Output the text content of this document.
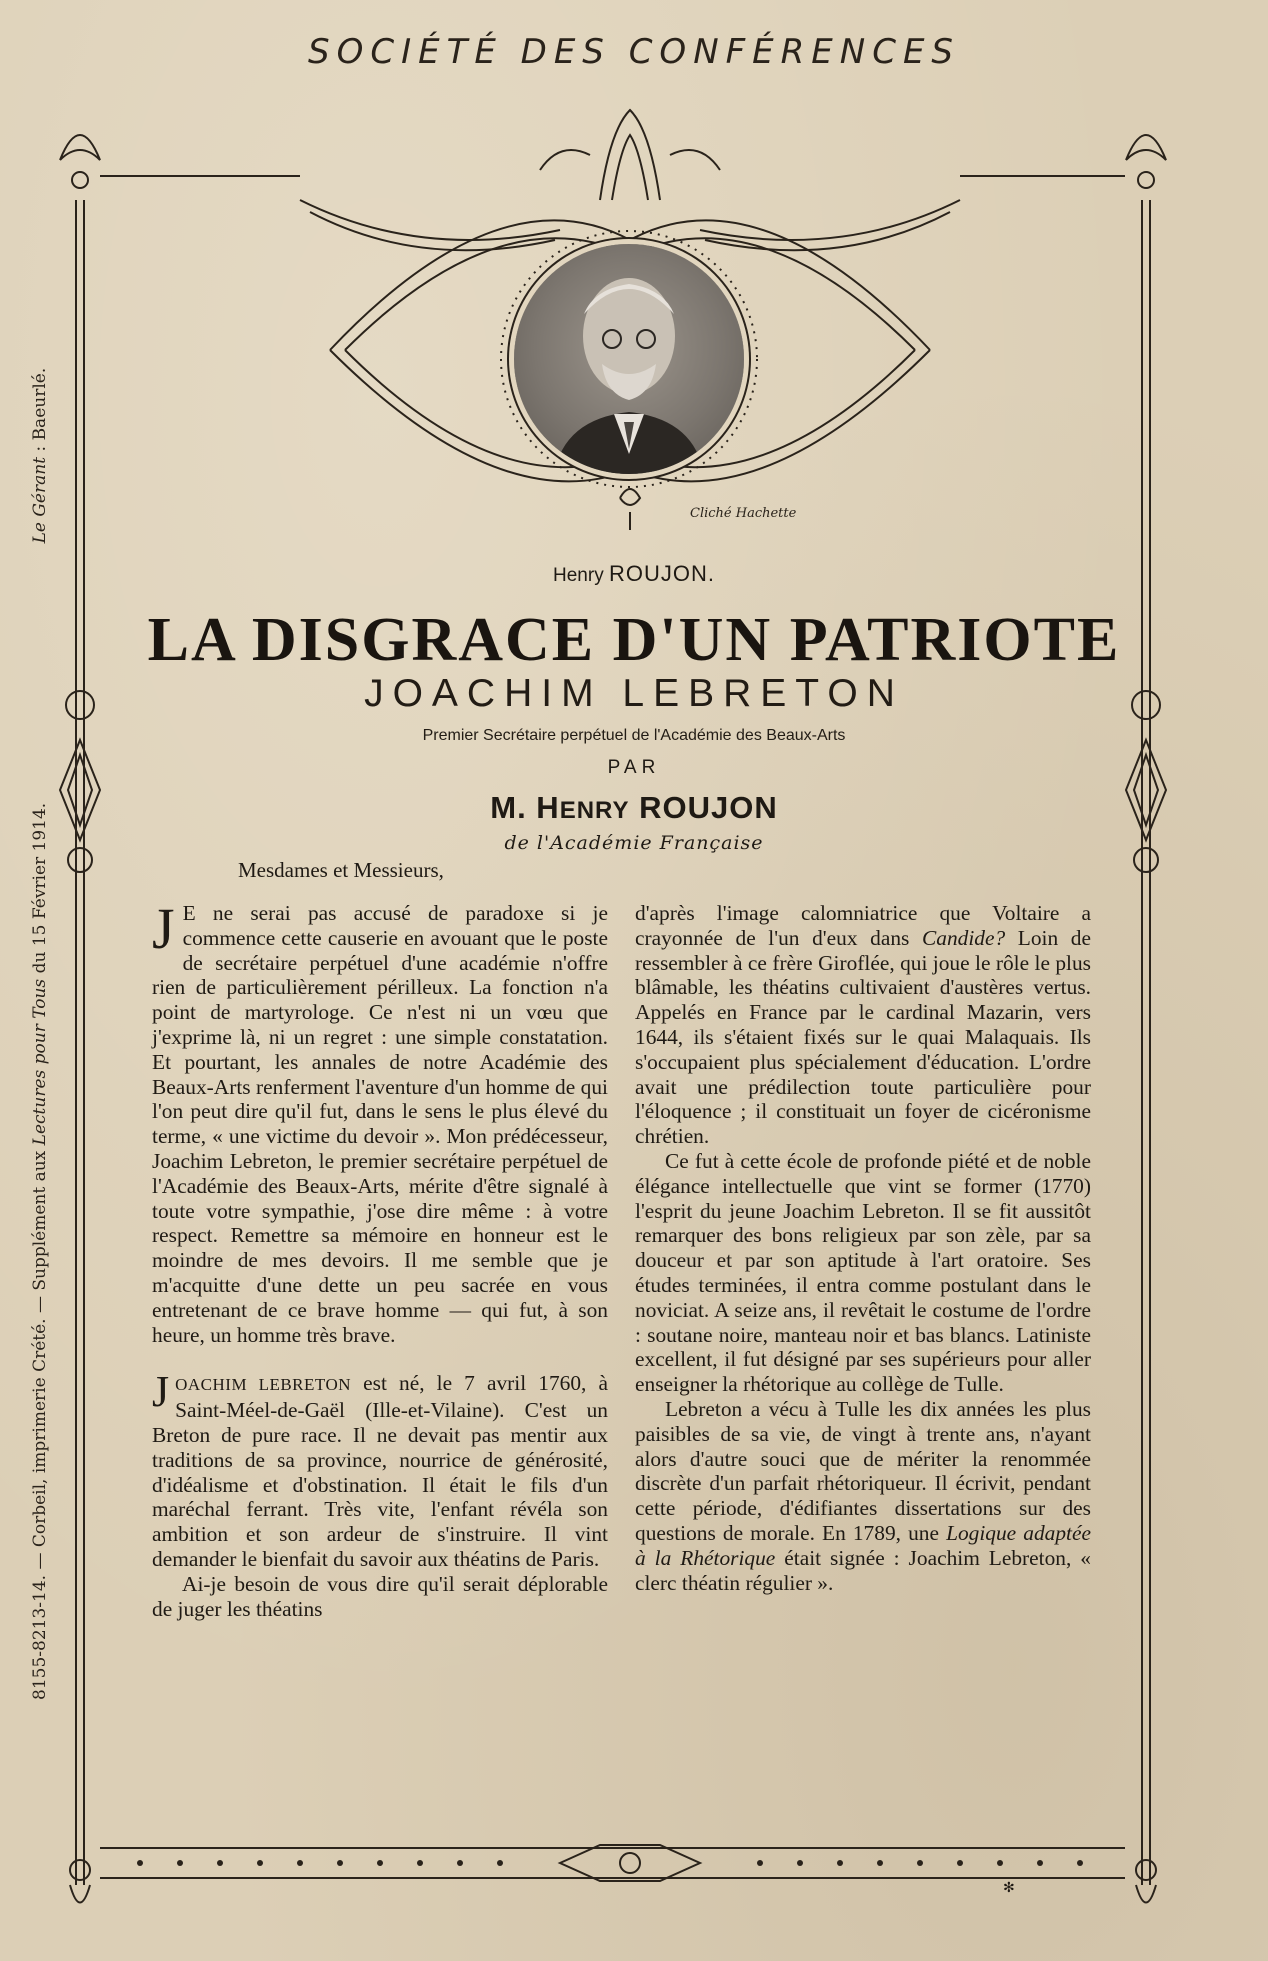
SOCIÉTÉ DES CONFÉRENCES
8155-8213-14. — Corbeil, imprimerie Crété. — Supplément aux Lectures pour Tous du 15 Février 1914.                                                Le Gérant : Baeurlé.
Cliché Hachette
Henry ROUJON.
LA DISGRACE D'UN PATRIOTE
JOACHIM LEBRETON
Premier Secrétaire perpétuel de l'Académie des Beaux-Arts
PAR
M. HENRY ROUJON
de l'Académie Française
Mesdames et Messieurs,

J E ne serai pas accusé de paradoxe si je commence cette causerie en avouant que le poste de secrétaire perpétuel d'une académie n'offre rien de particulièrement périlleux. La fonction n'a point de martyrologe. Ce n'est ni un vœu que j'exprime là, ni un regret : une simple constatation. Et pourtant, les annales de notre Académie des Beaux-Arts renferment l'aventure d'un homme de qui l'on peut dire qu'il fut, dans le sens le plus élevé du terme, « une victime du devoir ». Mon prédécesseur, Joachim Lebreton, le premier secrétaire perpétuel de l'Académie des Beaux-Arts, mérite d'être signalé à toute votre sympathie, j'ose dire même : à votre respect. Remettre sa mémoire en honneur est le moindre de mes devoirs. Il me semble que je m'acquitte d'une dette un peu sacrée en vous entretenant de ce brave homme — qui fut, à son heure, un homme très brave.

JOACHIM LEBRETON est né, le 7 avril 1760, à Saint-Méel-de-Gaël (Ille-et-Vilaine). C'est un Breton de pure race. Il ne devait pas mentir aux traditions de sa province, nourrice de générosité, d'idéalisme et d'obstination. Il était le fils d'un maréchal ferrant. Très vite, l'enfant révéla son ambition et son ardeur de s'instruire. Il vint demander le bienfait du savoir aux théatins de Paris.

Ai-je besoin de vous dire qu'il serait déplorable de juger les théatins

d'après l'image calomniatrice que Voltaire a crayonnée de l'un d'eux dans Candide? Loin de ressembler à ce frère Giroflée, qui joue le rôle le plus blâmable, les théatins cultivaient d'austères vertus. Appelés en France par le cardinal Mazarin, vers 1644, ils s'étaient fixés sur le quai Malaquais. Ils s'occupaient plus spécialement d'éducation. L'ordre avait une prédilection toute particulière pour l'éloquence ; il constituait un foyer de cicéronisme chrétien.

Ce fut à cette école de profonde piété et de noble élégance intellectuelle que vint se former (1770) l'esprit du jeune Joachim Lebreton. Il se fit aussitôt remarquer des bons religieux par son zèle, par sa douceur et par son aptitude à l'art oratoire. Ses études terminées, il entra comme postulant dans le noviciat. A seize ans, il revêtait le costume de l'ordre : soutane noire, manteau noir et bas blancs. Latiniste excellent, il fut désigné par ses supérieurs pour aller enseigner la rhétorique au collège de Tulle.

Lebreton a vécu à Tulle les dix années les plus paisibles de sa vie, de vingt à trente ans, n'ayant alors d'autre souci que de mériter la renommée discrète d'un parfait rhétoriqueur. Il écrivit, pendant cette période, d'édifiantes dissertations sur des questions de morale. En 1789, une Logique adaptée à la Rhétorique était signée : Joachim Lebreton, « clerc théatin régulier ».

✻
